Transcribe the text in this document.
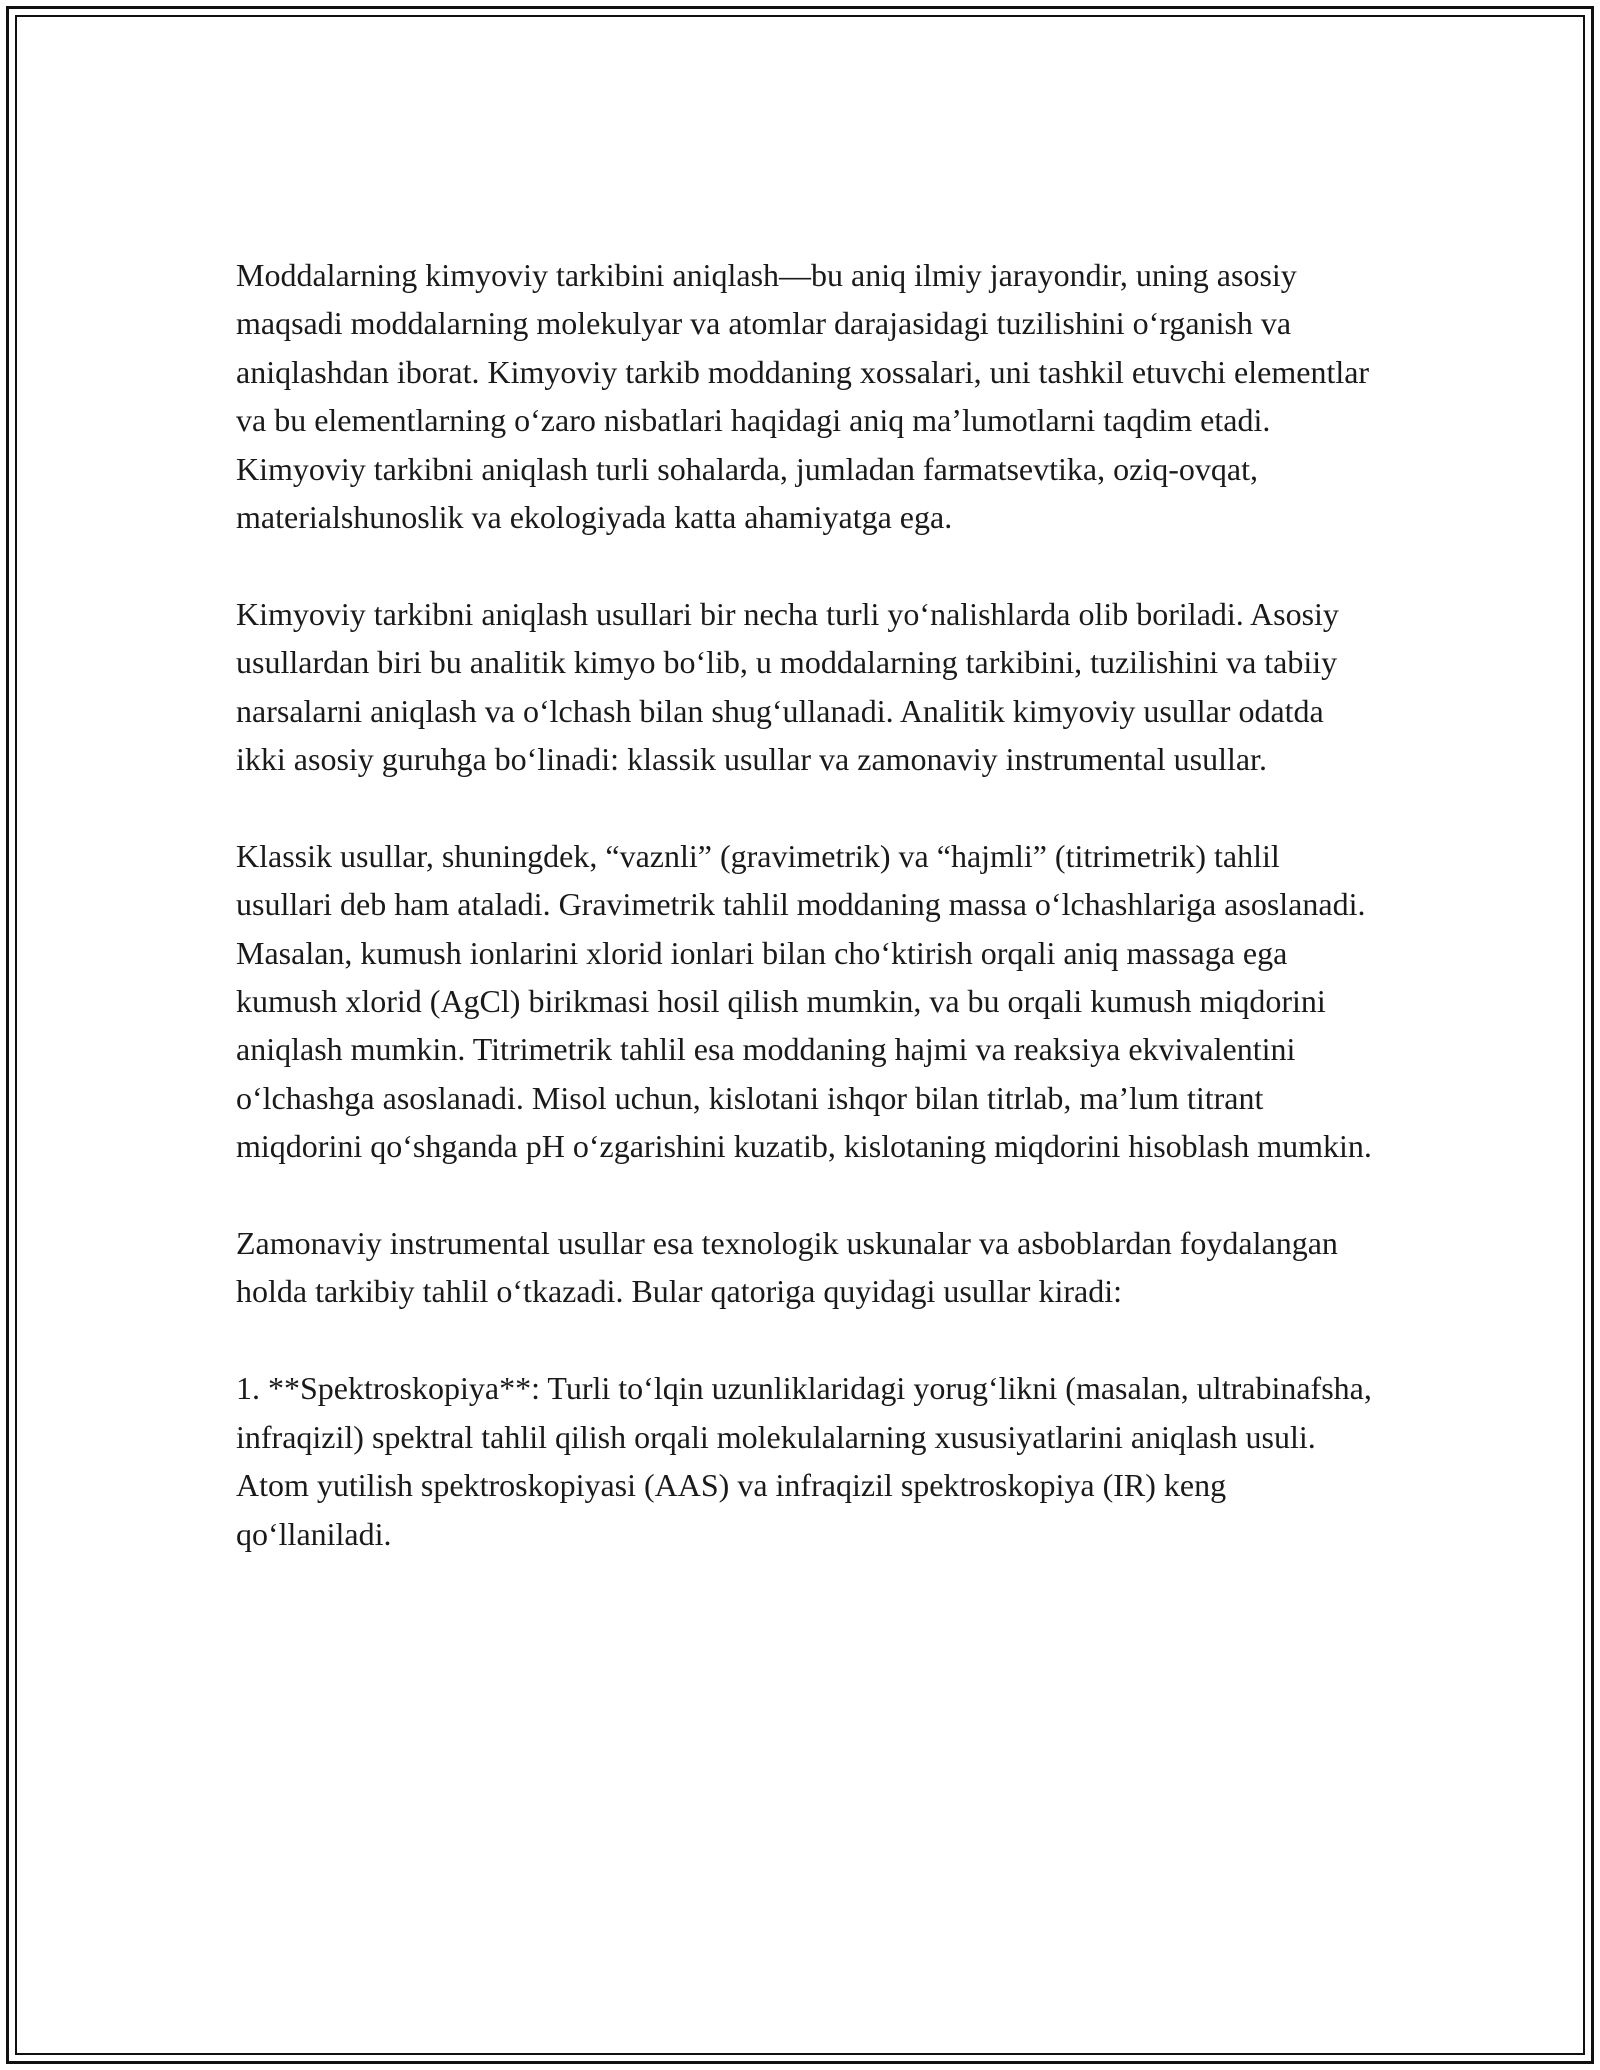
Moddalarning kimyoviy tarkibini aniqlash—bu aniq ilmiy jarayondir, uning asosiy maqsadi moddalarning molekulyar va atomlar darajasidagi tuzilishini o‘rganish va aniqlashdan iborat. Kimyoviy tarkib moddaning xossalari, uni tashkil etuvchi elementlar va bu elementlarning o‘zaro nisbatlari haqidagi aniq ma’lumotlarni taqdim etadi. Kimyoviy tarkibni aniqlash turli sohalarda, jumladan farmatsevtika, oziq-ovqat, materialshunoslik va ekologiyada katta ahamiyatga ega.

Kimyoviy tarkibni aniqlash usullari bir necha turli yo‘nalishlarda olib boriladi. Asosiy usullardan biri bu analitik kimyo bo‘lib, u moddalarning tarkibini, tuzilishini va tabiiy narsalarni aniqlash va o‘lchash bilan shug‘ullanadi. Analitik kimyoviy usullar odatda ikki asosiy guruhga bo‘linadi: klassik usullar va zamonaviy instrumental usullar.

Klassik usullar, shuningdek, “vaznli” (gravimetrik) va “hajmli” (titrimetrik) tahlil usullari deb ham ataladi. Gravimetrik tahlil moddaning massa o‘lchashlariga asoslanadi. Masalan, kumush ionlarini xlorid ionlari bilan cho‘ktirish orqali aniq massaga ega kumush xlorid (AgCl) birikmasi hosil qilish mumkin, va bu orqali kumush miqdorini aniqlash mumkin. Titrimetrik tahlil esa moddaning hajmi va reaksiya ekvivalentini o‘lchashga asoslanadi. Misol uchun, kislotani ishqor bilan titrlab, ma’lum titrant miqdorini qo‘shganda pH o‘zgarishini kuzatib, kislotaning miqdorini hisoblash mumkin.

Zamonaviy instrumental usullar esa texnologik uskunalar va asboblardan foydalangan holda tarkibiy tahlil o‘tkazadi. Bular qatoriga quyidagi usullar kiradi:

1. **Spektroskopiya**: Turli to‘lqin uzunliklaridagi yorug‘likni (masalan, ultrabinafsha, infraqizil) spektral tahlil qilish orqali molekulalarning xususiyatlarini aniqlash usuli. Atom yutilish spektroskopiyasi (AAS) va infraqizil spektroskopiya (IR) keng qo‘llaniladi.
